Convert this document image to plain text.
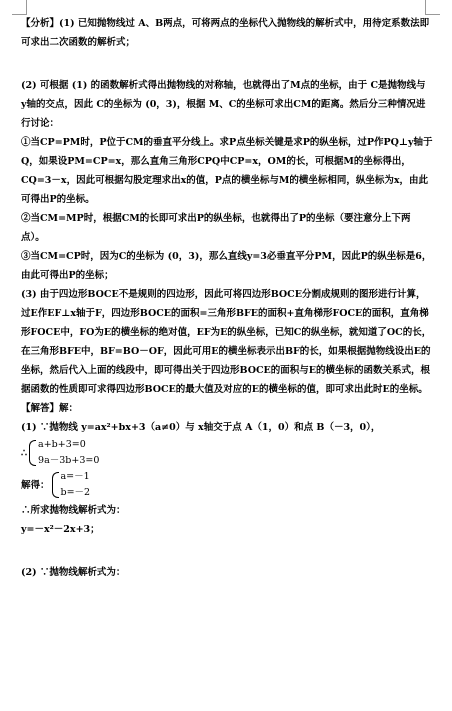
【分析】(1) 已知抛物线过 A、B两点，可将两点的坐标代入抛物线的解析式中，用待定系数法即可求出二次函数的解析式；

(2) 可根据 (1) 的函数解析式得出抛物线的对称轴，也就得出了M点的坐标，由于 C是抛物线与 y轴的交点，因此 C的坐标为 (0，3)，根据 M、C的坐标可求出CM的距离。然后分三种情况进行讨论：

①当CP=PM时，P位于CM的垂直平分线上。求P点坐标关键是求P的纵坐标，过P作PQ⊥y轴于Q，如果设PM=CP=x，那么直角三角形CPQ中CP=x，OM的长，可根据M的坐标得出，CQ=3－x，因此可根据勾股定理求出x的值，P点的横坐标与M的横坐标相同，纵坐标为x，由此可得出P的坐标。

②当CM=MP时，根据CM的长即可求出P的纵坐标，也就得出了P的坐标（要注意分上下两点）。

③当CM=CP时，因为C的坐标为 (0，3)，那么直线y=3必垂直平分PM，因此P的纵坐标是6，由此可得出P的坐标；

(3) 由于四边形BOCE不是规则的四边形，因此可将四边形BOCE分割成规则的图形进行计算，过E作EF⊥x轴于F，四边形BOCE的面积=三角形BFE的面积+直角梯形FOCE的面积，直角梯形FOCE中，FO为E的横坐标的绝对值，EF为E的纵坐标，已知C的纵坐标，就知道了OC的长，在三角形BFE中，BF=BO－OF，因此可用E的横坐标表示出BF的长，如果根据抛物线设出E的坐标，然后代入上面的线段中，即可得出关于四边形BOCE的面积与E的横坐标的函数关系式，根据函数的性质即可求得四边形BOCE的最大值及对应的E的横坐标的值，即可求出此时E的坐标。

【解答】解：

(1) ∵抛物线 y=ax²+bx+3（a≠0）与 x轴交于点 A（1，0）和点 B（－3，0），

∴
a+b+3=0
9a－3b+3=0
解得：
a=－1
b=－2

∴所求抛物线解析式为：

y=－x²－2x+3；

(2) ∵抛物线解析式为：
